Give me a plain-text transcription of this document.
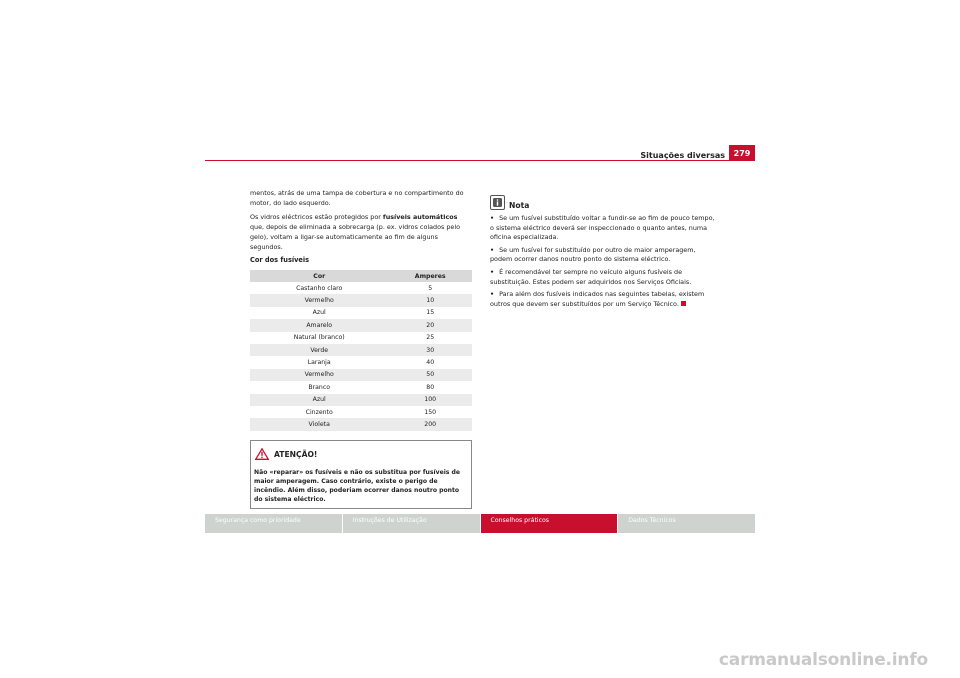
Situações diversas	279

mentos, atrás de uma tampa de cobertura e no compartimento do motor, do lado esquerdo.

Os vidros eléctricos estão protegidos por fusíveis automáticos que, depois de eliminada a sobrecarga (p. ex. vidros colados pelo gelo), voltam a ligar-se automaticamente ao fim de alguns segundos.

Cor dos fusíveis
Cor	Amperes
Castanho claro	5
Vermelho	10
Azul	15
Amarelo	20
Natural (branco)	25
Verde	30
Laranja	40
Vermelho	50
Branco	80
Azul	100
Cinzento	150
Violeta	200
ATENÇÃO!
Não «reparar» os fusíveis e não os substitua por fusíveis de maior amperagem. Caso contrário, existe o perigo de incêndio. Além disso, poderiam ocorrer danos noutro ponto do sistema eléctrico.
Nota
• Se um fusível substituído voltar a fundir-se ao fim de pouco tempo, o sistema eléctrico deverá ser inspeccionado o quanto antes, numa oficina especializada.
• Se um fusível for substituído por outro de maior amperagem, podem ocorrer danos noutro ponto do sistema eléctrico.
• É recomendável ter sempre no veículo alguns fusíveis de substituição. Estes podem ser adquiridos nos Serviços Oficiais.
• Para além dos fusíveis indicados nas seguintes tabelas, existem outros que devem ser substituídos por um Serviço Técnico.
Segurança como prioridade	Instruções de Utilização	Conselhos práticos	Dados Técnicos
carmanualsonline.info
